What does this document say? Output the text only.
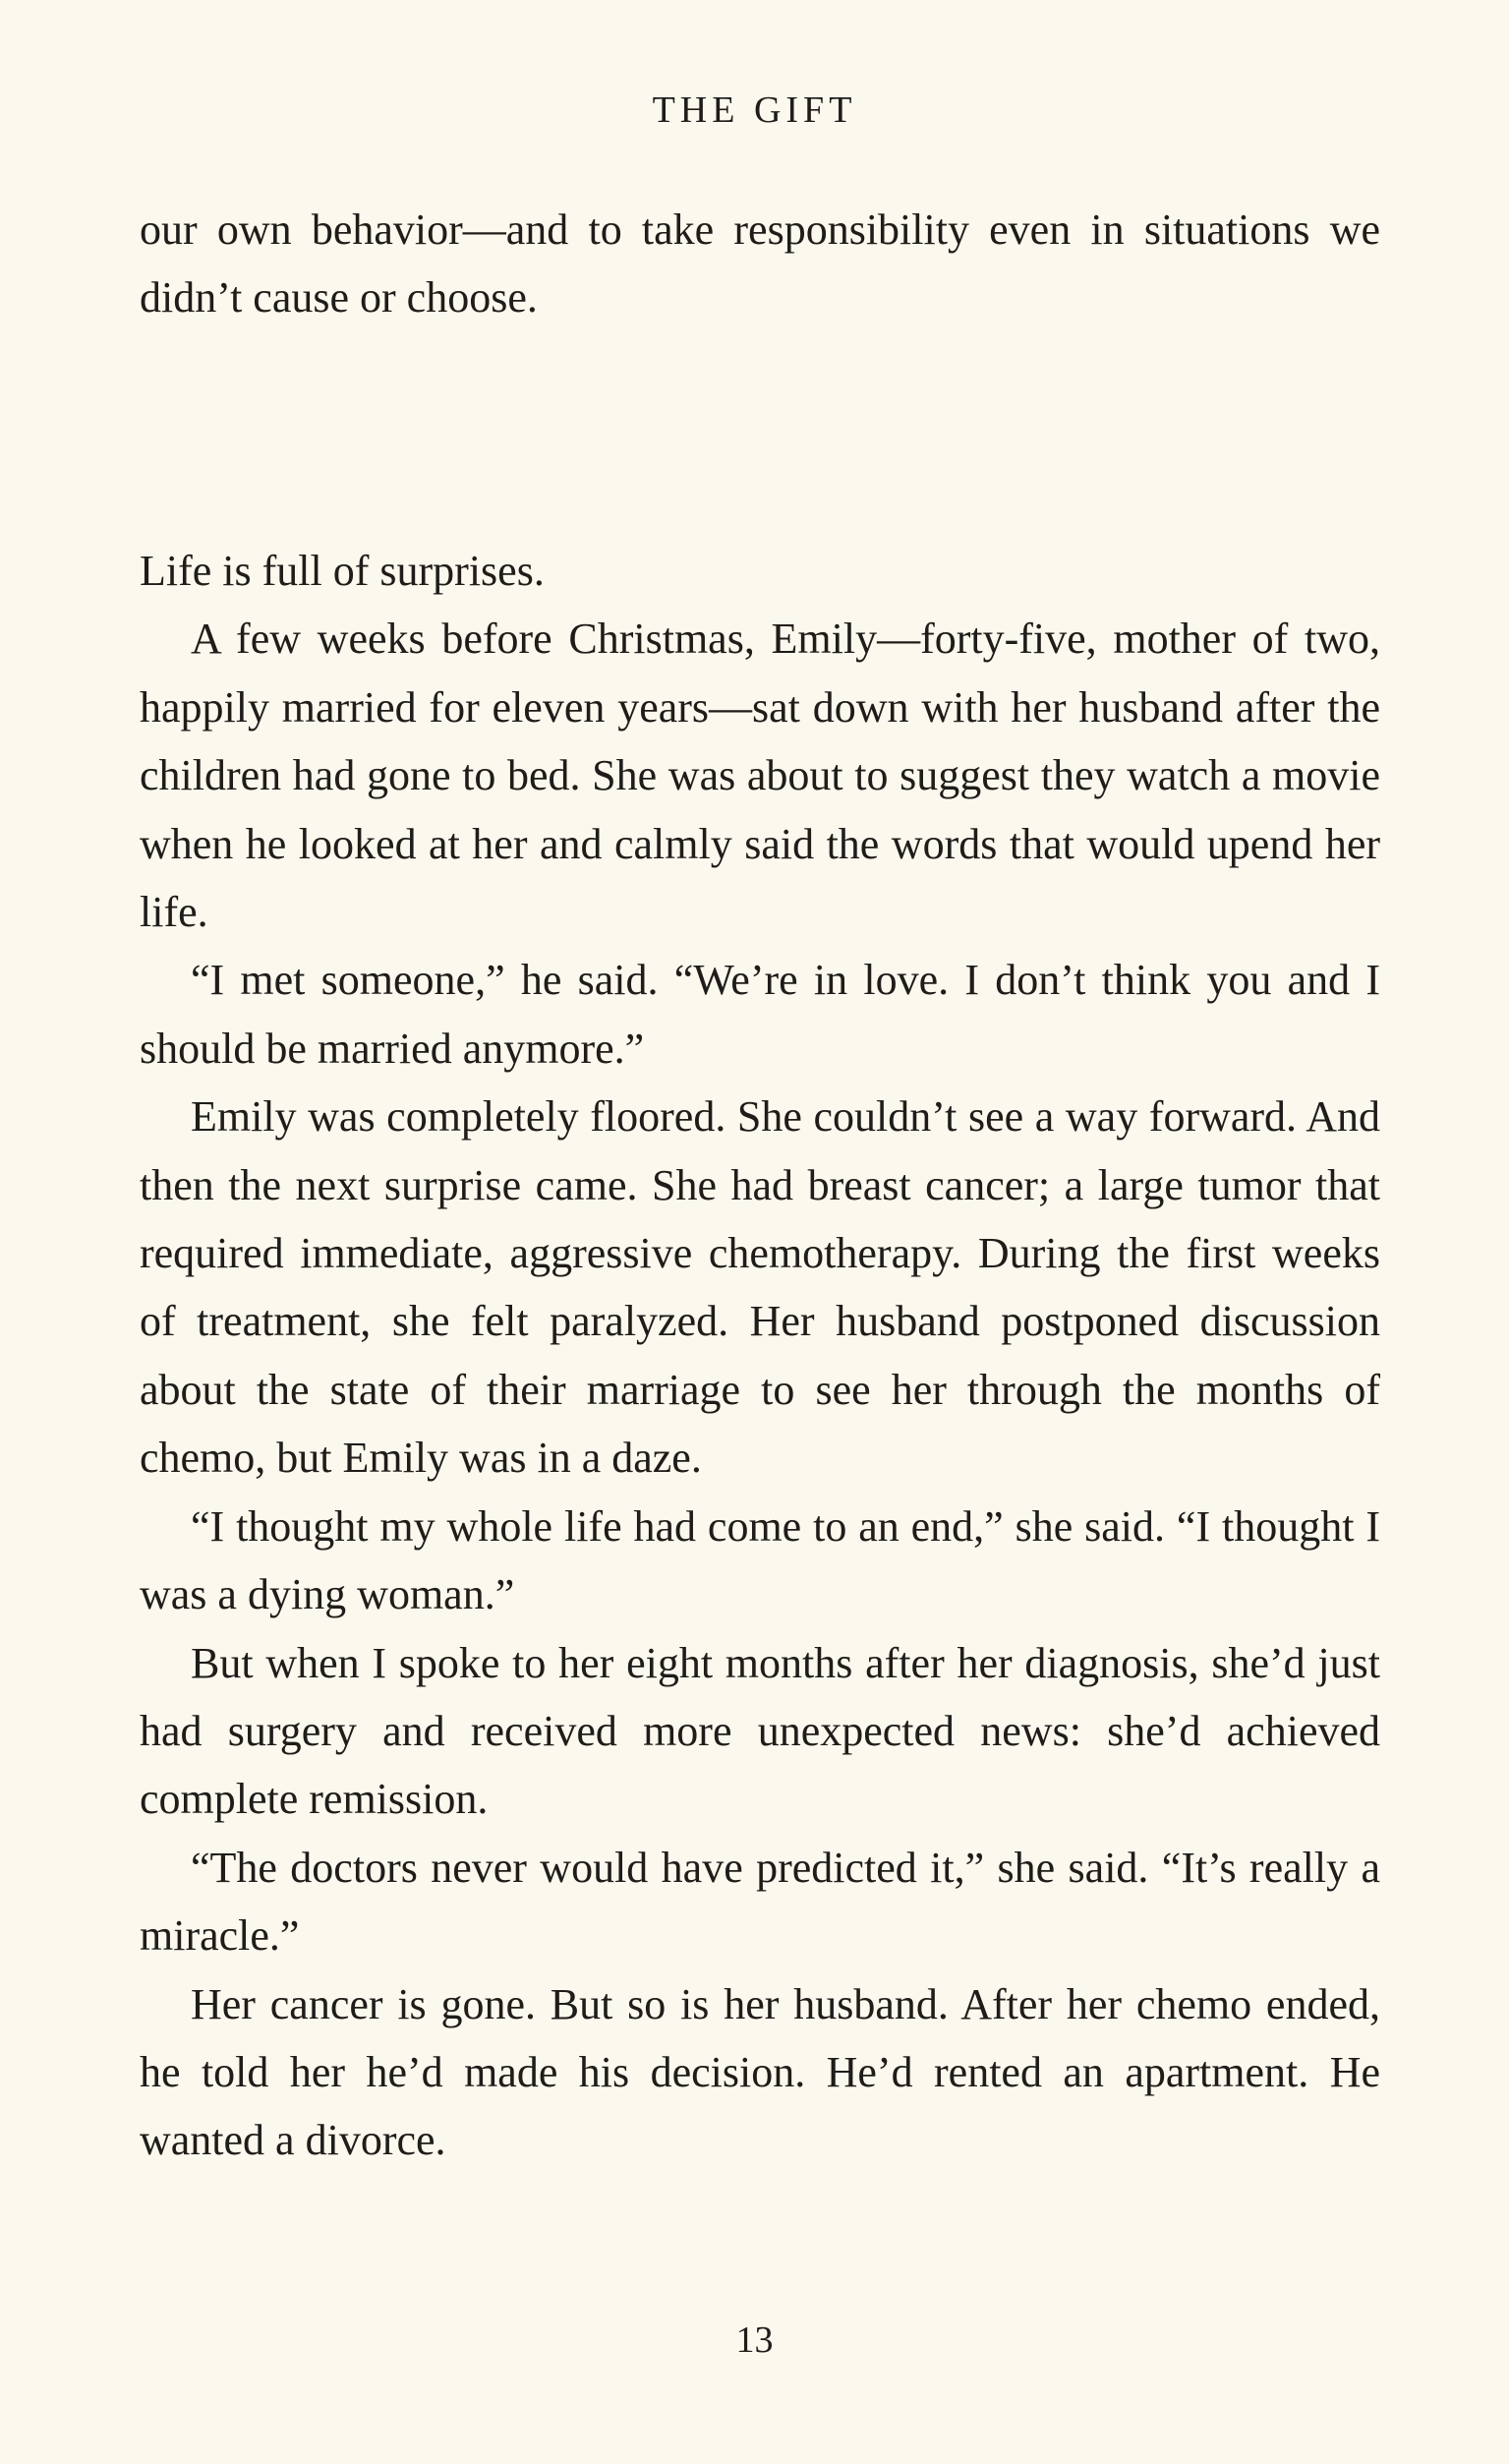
THE GIFT

our own behavior—and to take responsibility even in situations we didn’t cause or choose.

Life is full of surprises.

A few weeks before Christmas, Emily—forty-five, mother of two, happily married for eleven years—sat down with her husband after the children had gone to bed. She was about to suggest they watch a movie when he looked at her and calmly said the words that would upend her life.

“I met someone,” he said. “We’re in love. I don’t think you and I should be married anymore.”

Emily was completely floored. She couldn’t see a way forward. And then the next surprise came. She had breast cancer; a large tumor that required immediate, aggressive chemotherapy. During the first weeks of treatment, she felt paralyzed. Her husband postponed discussion about the state of their marriage to see her through the months of chemo, but Emily was in a daze.

“I thought my whole life had come to an end,” she said. “I thought I was a dying woman.”

But when I spoke to her eight months after her diagnosis, she’d just had surgery and received more unexpected news: she’d achieved complete remission.

“The doctors never would have predicted it,” she said. “It’s really a miracle.”

Her cancer is gone. But so is her husband. After her chemo ended, he told her he’d made his decision. He’d rented an apartment. He wanted a divorce.

13
